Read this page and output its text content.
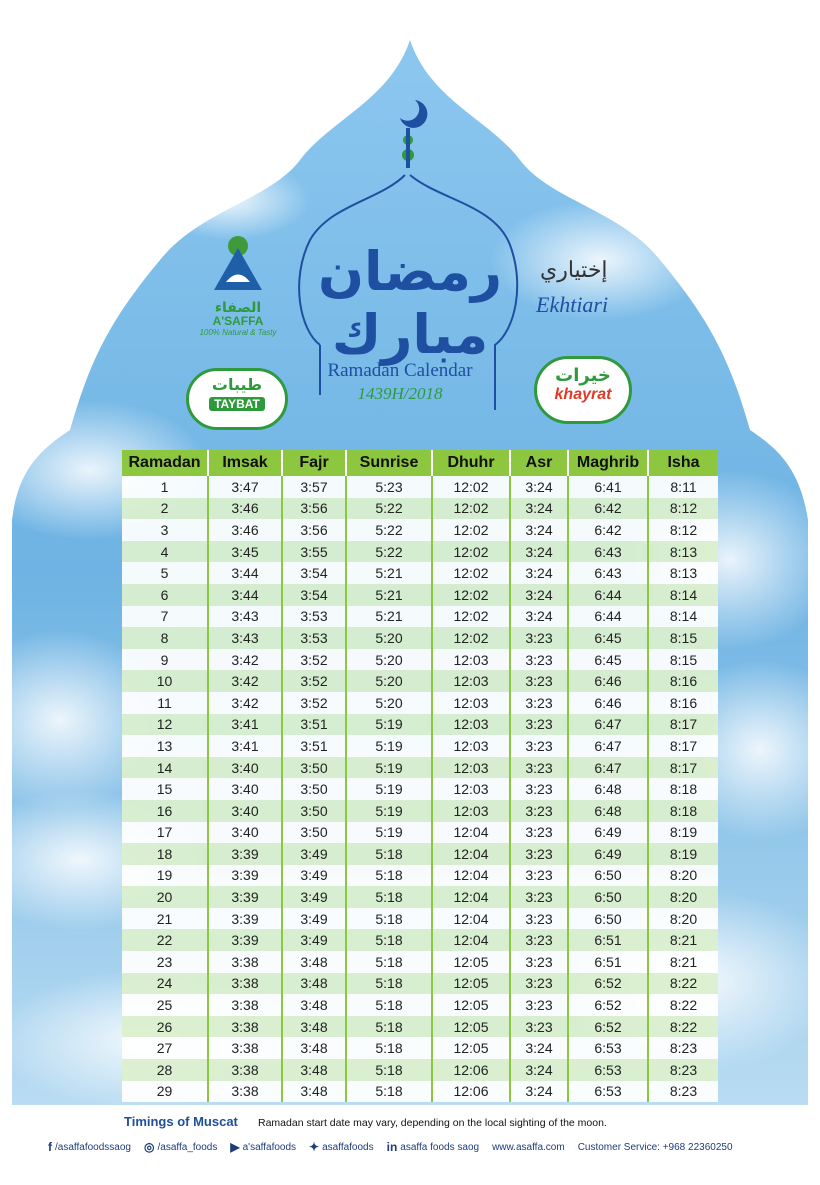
رمضان مبارك
الصفاء
A'SAFFA
100% Natural & Tasty
طيبات
TAYBAT
إختياري
Ekhtiari
خيرات
khayrat
Ramadan Calendar
1439H/2018
Ramadan	Imsak	Fajr	Sunrise	Dhuhr	Asr	Maghrib	Isha
1	3:47	3:57	5:23	12:02	3:24	6:41	8:11
2	3:46	3:56	5:22	12:02	3:24	6:42	8:12
3	3:46	3:56	5:22	12:02	3:24	6:42	8:12
4	3:45	3:55	5:22	12:02	3:24	6:43	8:13
5	3:44	3:54	5:21	12:02	3:24	6:43	8:13
6	3:44	3:54	5:21	12:02	3:24	6:44	8:14
7	3:43	3:53	5:21	12:02	3:24	6:44	8:14
8	3:43	3:53	5:20	12:02	3:23	6:45	8:15
9	3:42	3:52	5:20	12:03	3:23	6:45	8:15
10	3:42	3:52	5:20	12:03	3:23	6:46	8:16
11	3:42	3:52	5:20	12:03	3:23	6:46	8:16
12	3:41	3:51	5:19	12:03	3:23	6:47	8:17
13	3:41	3:51	5:19	12:03	3:23	6:47	8:17
14	3:40	3:50	5:19	12:03	3:23	6:47	8:17
15	3:40	3:50	5:19	12:03	3:23	6:48	8:18
16	3:40	3:50	5:19	12:03	3:23	6:48	8:18
17	3:40	3:50	5:19	12:04	3:23	6:49	8:19
18	3:39	3:49	5:18	12:04	3:23	6:49	8:19
19	3:39	3:49	5:18	12:04	3:23	6:50	8:20
20	3:39	3:49	5:18	12:04	3:23	6:50	8:20
21	3:39	3:49	5:18	12:04	3:23	6:50	8:20
22	3:39	3:49	5:18	12:04	3:23	6:51	8:21
23	3:38	3:48	5:18	12:05	3:23	6:51	8:21
24	3:38	3:48	5:18	12:05	3:23	6:52	8:22
25	3:38	3:48	5:18	12:05	3:23	6:52	8:22
26	3:38	3:48	5:18	12:05	3:23	6:52	8:22
27	3:38	3:48	5:18	12:05	3:24	6:53	8:23
28	3:38	3:48	5:18	12:06	3:24	6:53	8:23
29	3:38	3:48	5:18	12:06	3:24	6:53	8:23
Timings of Muscat Ramadan start date may vary, depending on the local sighting of the moon.
f /asaffafoodssaog ◎ /asaffa_foods ▶ a'saffafoods ✦ asaffafoods in asaffa foods saog www.asaffa.com Customer Service: +968 22360250
